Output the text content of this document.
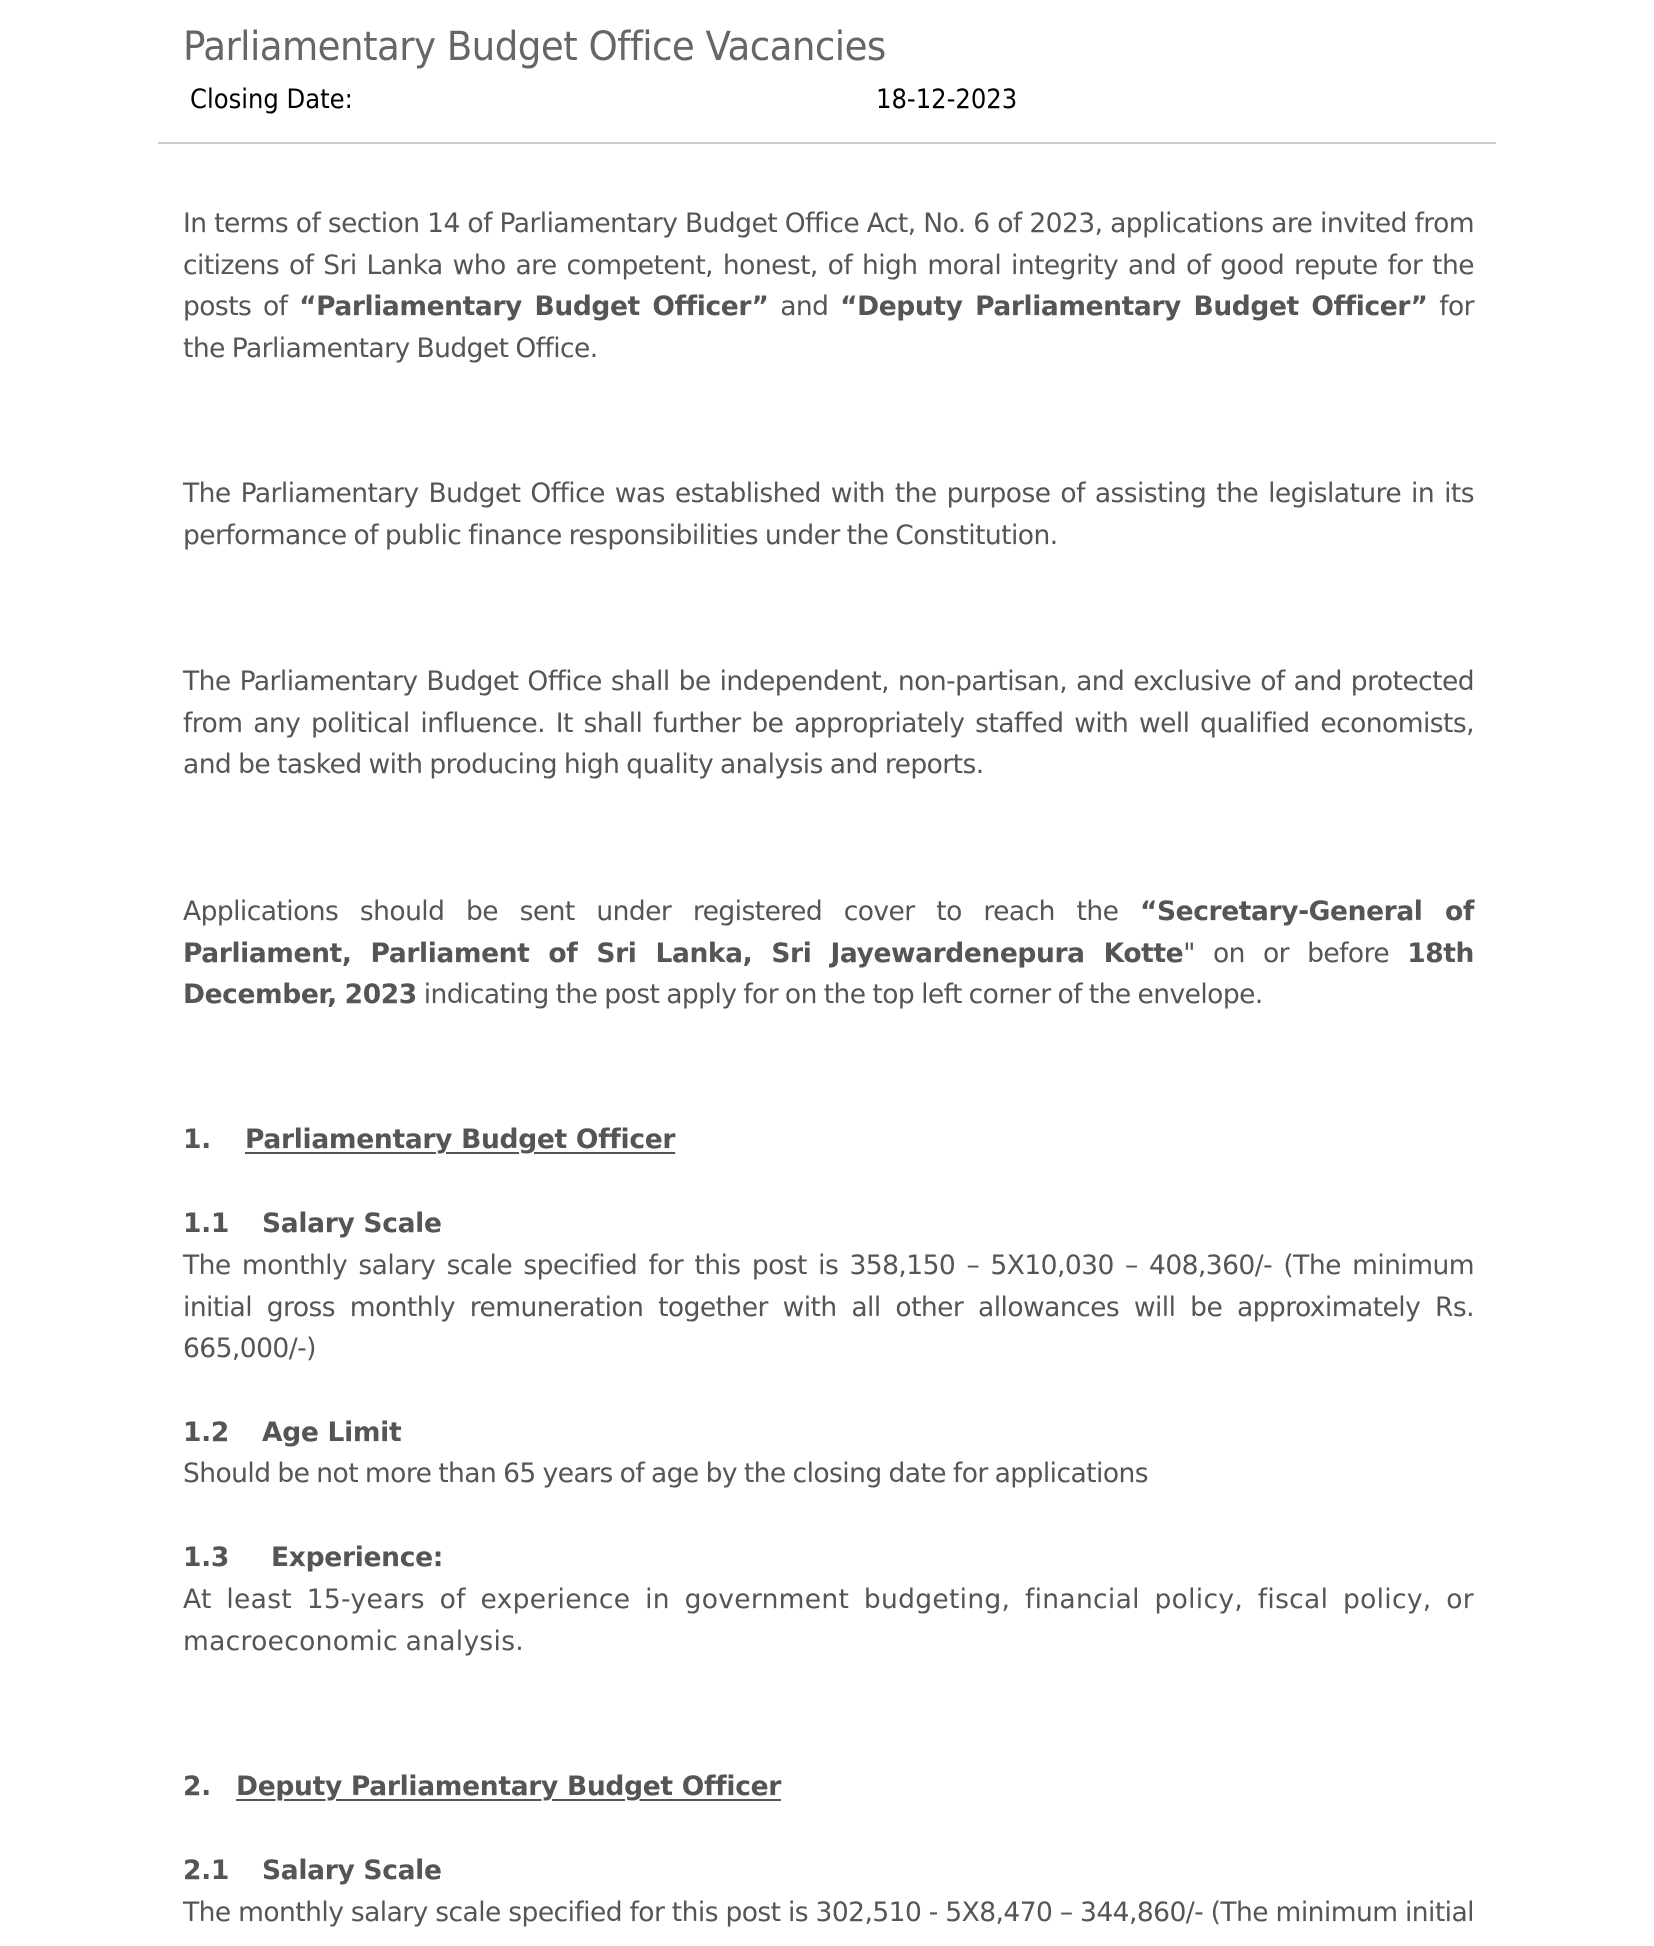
Parliamentary Budget Office Vacancies
Closing Date:	18-12-2023

In terms of section 14 of Parliamentary Budget Office Act, No. 6 of 2023, applications are invited from citizens of Sri Lanka who are competent, honest, of high moral integrity and of good repute for the posts of “Parliamentary Budget Officer” and “Deputy Parliamentary Budget Officer” for the Parliamentary Budget Office.

The Parliamentary Budget Office was established with the purpose of assisting the legislature in its performance of public finance responsibilities under the Constitution.

The Parliamentary Budget Office shall be independent, non-partisan, and exclusive of and protected from any political influence. It shall further be appropriately staffed with well qualified economists, and be tasked with producing high quality analysis and reports.

Applications should be sent under registered cover to reach the “Secretary-General of Parliament, Parliament of Sri Lanka, Sri Jayewardenepura Kotte" on or before 18th December, 2023 indicating the post apply for on the top left corner of the envelope.

1. Parliamentary Budget Officer
1.1 Salary Scale

The monthly salary scale specified for this post is 358,150 – 5X10,030 – 408,360/- (The minimum initial gross monthly remuneration together with all other allowances will be approximately Rs. 665,000/-)

1.2 Age Limit

Should be not more than 65 years of age by the closing date for applications

1.3 Experience:

At least 15-years of experience in government budgeting, financial policy, fiscal policy, or macroeconomic analysis.

2. Deputy Parliamentary Budget Officer
2.1 Salary Scale

The monthly salary scale specified for this post is 302,510 - 5X8,470 – 344,860/- (The minimum initial
